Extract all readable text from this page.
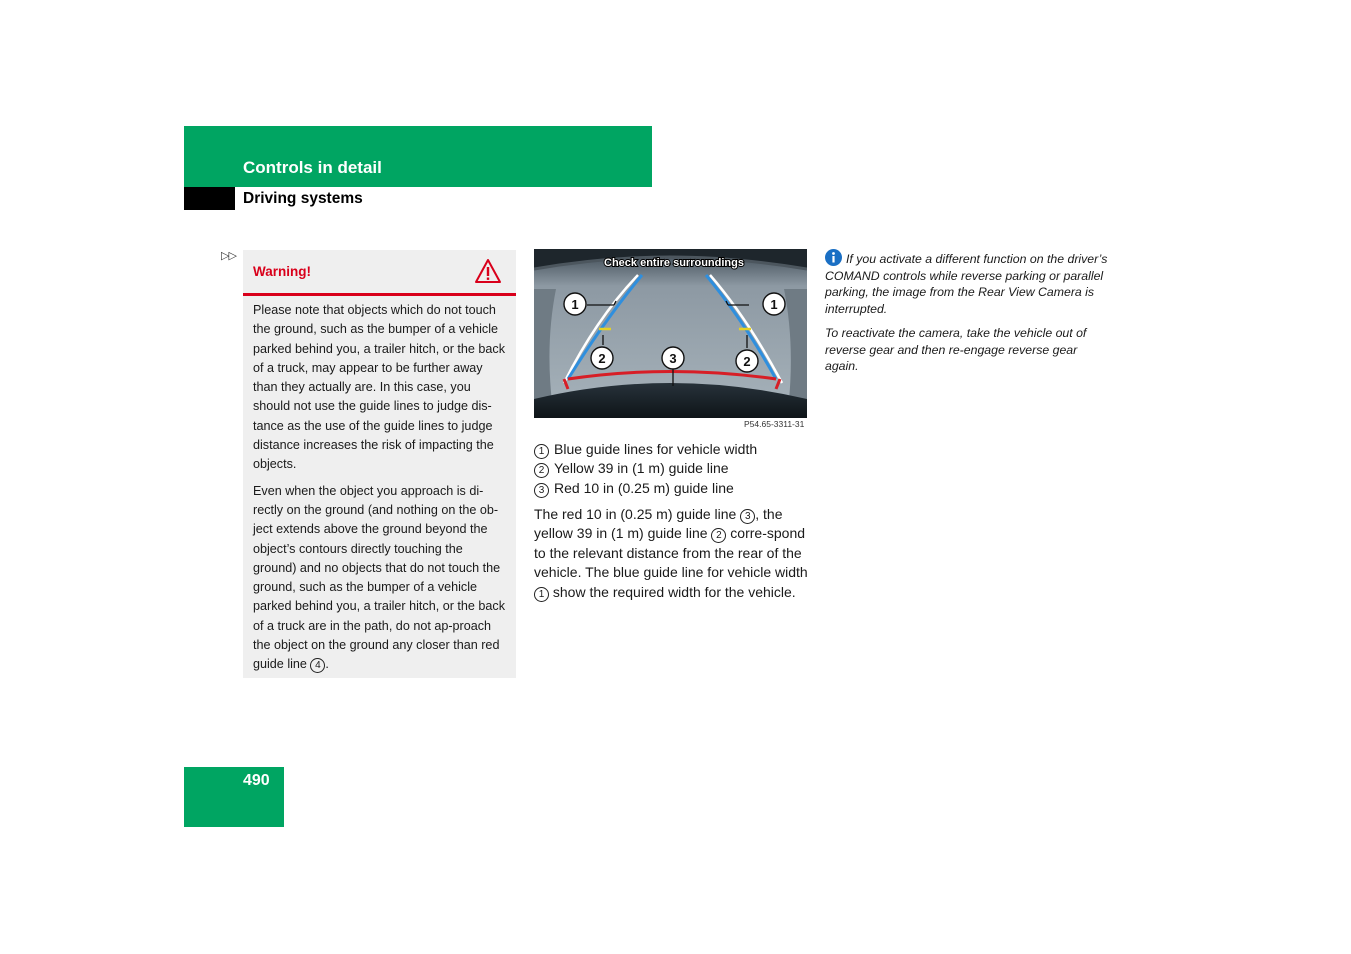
Controls in detail
Driving systems
▷▷
Warning!

Please note that objects which do not touch the ground, such as the bumper of a vehicle parked behind you, a trailer hitch, or the back of a truck, may appear to be further away than they actually are. In this case, you should not use the guide lines to judge dis-tance as the use of the guide lines to judge distance increases the risk of impacting the objects.

Even when the object you approach is di-rectly on the ground (and nothing on the ob-ject extends above the ground beyond the object’s contours directly touching the ground) and no objects that do not touch the ground, such as the bumper of a vehicle parked behind you, a trailer hitch, or the back of a truck are in the path, do not ap-proach the object on the ground any closer than red guide line 4 .

1	1
2	3	2
Check entire surroundings
P54.65-3311-31
1 Blue guide lines for vehicle width
2 Yellow 39 in (1 m) guide line
3 Red 10 in (0.25 m) guide line

The red 10 in (0.25 m) guide line 3 , the yellow 39 in (1 m) guide line 2 corre-spond to the relevant distance from the rear of the vehicle. The blue guide line for vehicle width 1 show the required width for the vehicle.

If you activate a different function on the driver’s COMAND controls while reverse parking or parallel parking, the image from the Rear View Camera is interrupted.

To reactivate the camera, take the vehicle out of reverse gear and then re-engage reverse gear again.

490
